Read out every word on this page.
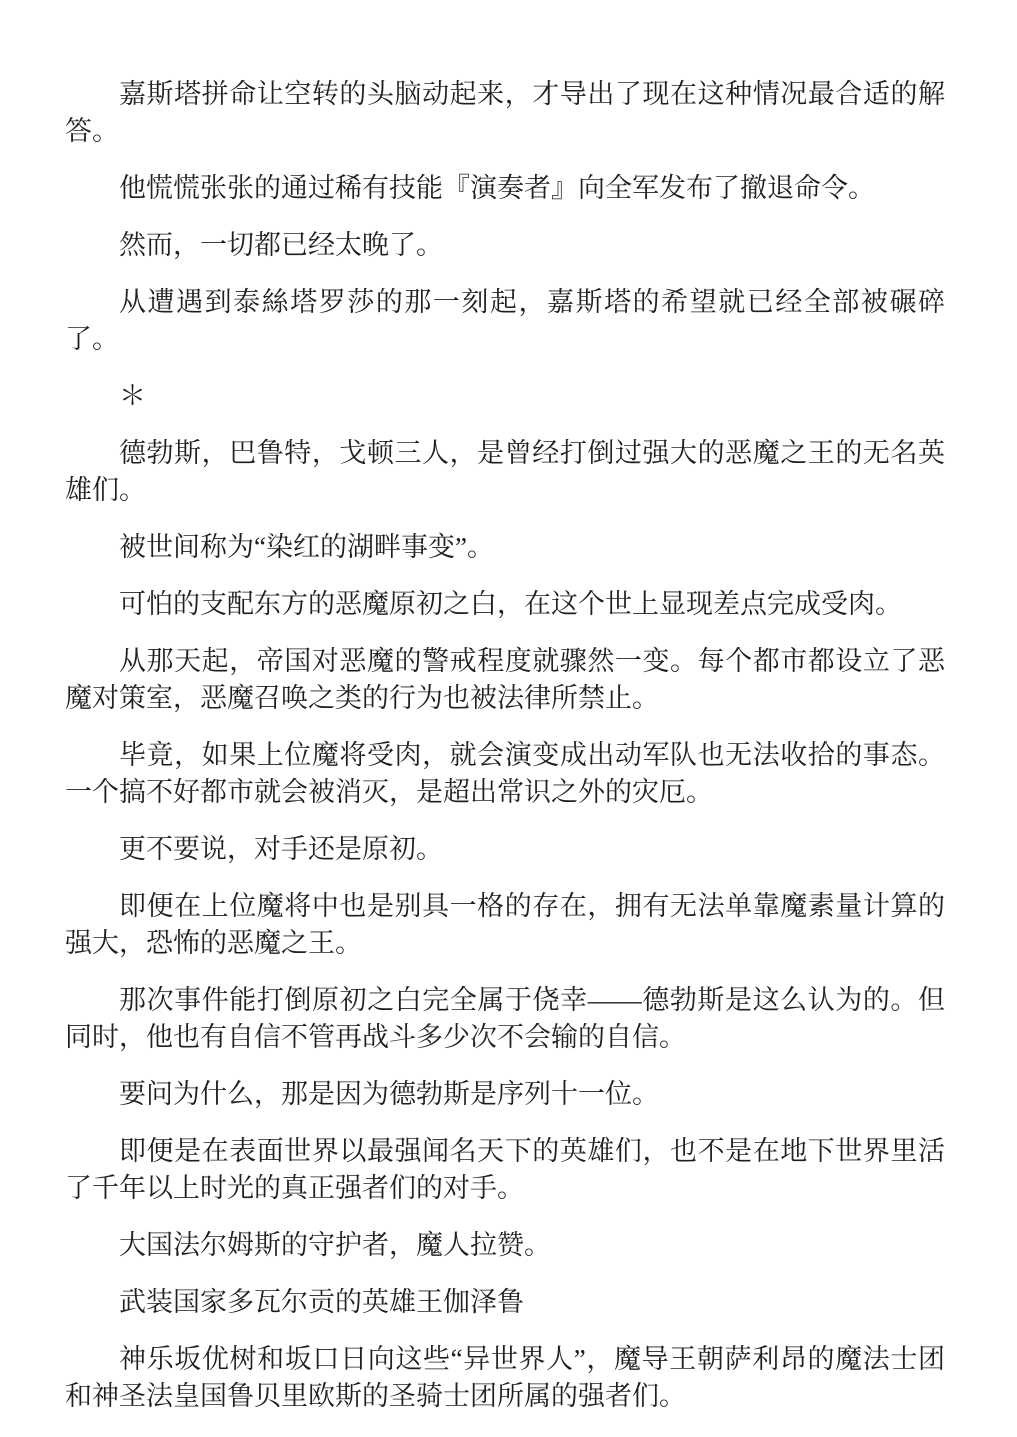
嘉斯塔拼命让空转的头脑动起来，才导出了现在这种情况最合适的解答。

他慌慌张张的通过稀有技能『演奏者』向全军发布了撤退命令。

然而，一切都已经太晚了。

从遭遇到泰絲塔罗莎的那一刻起，嘉斯塔的希望就已经全部被碾碎了。

＊

德勃斯，巴鲁特，戈顿三人，是曾经打倒过强大的恶魔之王的无名英雄们。

被世间称为“染红的湖畔事变”。

可怕的支配东方的恶魔原初之白，在这个世上显现差点完成受肉。

从那天起，帝国对恶魔的警戒程度就骤然一变。每个都市都设立了恶魔对策室，恶魔召唤之类的行为也被法律所禁止。

毕竟，如果上位魔将受肉，就会演变成出动军队也无法收拾的事态。一个搞不好都市就会被消灭，是超出常识之外的灾厄。

更不要说，对手还是原初。

即便在上位魔将中也是别具一格的存在，拥有无法单靠魔素量计算的强大，恐怖的恶魔之王。

那次事件能打倒原初之白完全属于侥幸——德勃斯是这么认为的。但同时，他也有自信不管再战斗多少次不会输的自信。

要问为什么，那是因为德勃斯是序列十一位。

即便是在表面世界以最强闻名天下的英雄们，也不是在地下世界里活了千年以上时光的真正强者们的对手。

大国法尔姆斯的守护者，魔人拉赞。

武装国家多瓦尔贡的英雄王伽泽鲁

神乐坂优树和坂口日向这些“异世界人”，魔导王朝萨利昂的魔法士团和神圣法皇国鲁贝里欧斯的圣骑士团所属的强者们。
